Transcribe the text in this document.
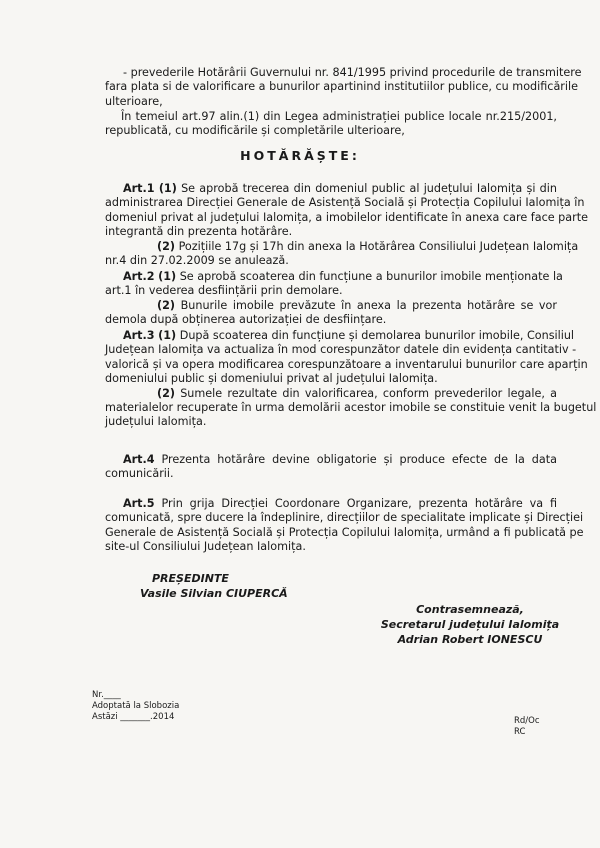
- prevederile Hotărârii Guvernului nr. 841/1995 privind procedurile de transmitere
fara plata si de valorificare a bunurilor apartinind institutiilor publice, cu modificările
ulterioare,
În temeiul art.97 alin.(1) din Legea administrației publice locale nr.215/2001,
republicată, cu modificările și completările ulterioare,
HOTĂRĂȘTE:
Art.1 (1) Se aprobă trecerea din domeniul public al județului Ialomița și din
administrarea Direcției Generale de Asistență Socială și Protecția Copilului Ialomița în
domeniul privat al județului Ialomița, a imobilelor identificate în anexa care face parte
integrantă din prezenta hotărâre.
(2) Pozițiile 17g și 17h din anexa la Hotărârea Consiliului Județean Ialomița
nr.4 din 27.02.2009 se anulează.
Art.2 (1) Se aprobă scoaterea din funcțiune a bunurilor imobile menționate la
art.1 în vederea desființării prin demolare.
(2) Bunurile imobile prevăzute în anexa la prezenta hotărâre se vor
demola după obținerea autorizației de desființare.
Art.3 (1) După scoaterea din funcțiune și demolarea bunurilor imobile, Consiliul
Județean Ialomița va actualiza în mod corespunzător datele din evidența cantitativ -
valorică și va opera modificarea corespunzătoare a inventarului bunurilor care aparțin
domeniului public și domeniului privat al județului Ialomița.
(2) Sumele rezultate din valorificarea, conform prevederilor legale, a
materialelor recuperate în urma demolării acestor imobile se constituie venit la bugetul
județului Ialomița.
Art.4 Prezenta hotărâre devine obligatorie și produce efecte de la data
comunicării.
Art.5 Prin grija Direcției Coordonare Organizare, prezenta hotărâre va fi
comunicată, spre ducere la îndeplinire, direcțiilor de specialitate implicate și Direcției
Generale de Asistență Socială și Protecția Copilului Ialomița, urmând a fi publicată pe
site-ul Consiliului Județean Ialomița.
PREȘEDINTE
Vasile Silvian CIUPERCĂ
Contrasemnează,
Secretarul județului Ialomița
Adrian Robert IONESCU
Nr.____
Adoptată la Slobozia
Astăzi _______.2014	Rd/Oc
RC
